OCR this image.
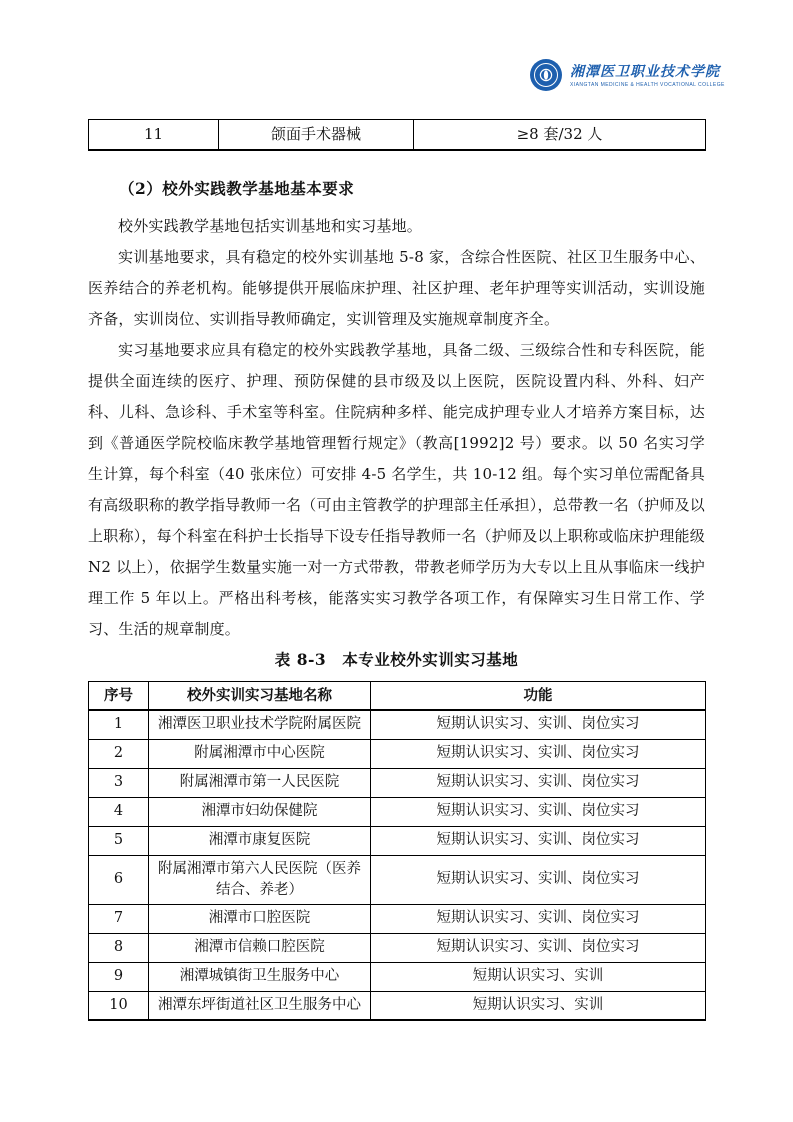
湘潭医卫职业技术学院
XIANGTAN MEDICINE & HEALTH VOCATIONAL COLLEGE
11	颌面手术器械	≥8 套/32 人
（2）校外实践教学基地基本要求

校外实践教学基地包括实训基地和实习基地。

实训基地要求，具有稳定的校外实训基地 5-8 家，含综合性医院、社区卫生服务中心、医养结合的养老机构。能够提供开展临床护理、社区护理、老年护理等实训活动，实训设施齐备，实训岗位、实训指导教师确定，实训管理及实施规章制度齐全。

实习基地要求应具有稳定的校外实践教学基地，具备二级、三级综合性和专科医院，能提供全面连续的医疗、护理、预防保健的县市级及以上医院，医院设置内科、外科、妇产科、儿科、急诊科、手术室等科室。住院病种多样、能完成护理专业人才培养方案目标，达到《普通医学院校临床教学基地管理暂行规定》（教高[1992]2 号）要求。以 50 名实习学生计算，每个科室（40 张床位）可安排 4-5 名学生，共 10-12 组。每个实习单位需配备具有高级职称的教学指导教师一名（可由主管教学的护理部主任承担），总带教一名（护师及以上职称），每个科室在科护士长指导下设专任指导教师一名（护师及以上职称或临床护理能级 N2 以上），依据学生数量实施一对一方式带教，带教老师学历为大专以上且从事临床一线护理工作 5 年以上。严格出科考核，能落实实习教学各项工作，有保障实习生日常工作、学习、生活的规章制度。

表 8-3　本专业校外实训实习基地
序号	校外实训实习基地名称	功能
1	湘潭医卫职业技术学院附属医院	短期认识实习、实训、岗位实习
2	附属湘潭市中心医院	短期认识实习、实训、岗位实习
3	附属湘潭市第一人民医院	短期认识实习、实训、岗位实习
4	湘潭市妇幼保健院	短期认识实习、实训、岗位实习
5	湘潭市康复医院	短期认识实习、实训、岗位实习
6	附属湘潭市第六人民医院（医养结合、养老）	短期认识实习、实训、岗位实习
7	湘潭市口腔医院	短期认识实习、实训、岗位实习
8	湘潭市信赖口腔医院	短期认识实习、实训、岗位实习
9	湘潭城镇街卫生服务中心	短期认识实习、实训
10	湘潭东坪街道社区卫生服务中心	短期认识实习、实训
